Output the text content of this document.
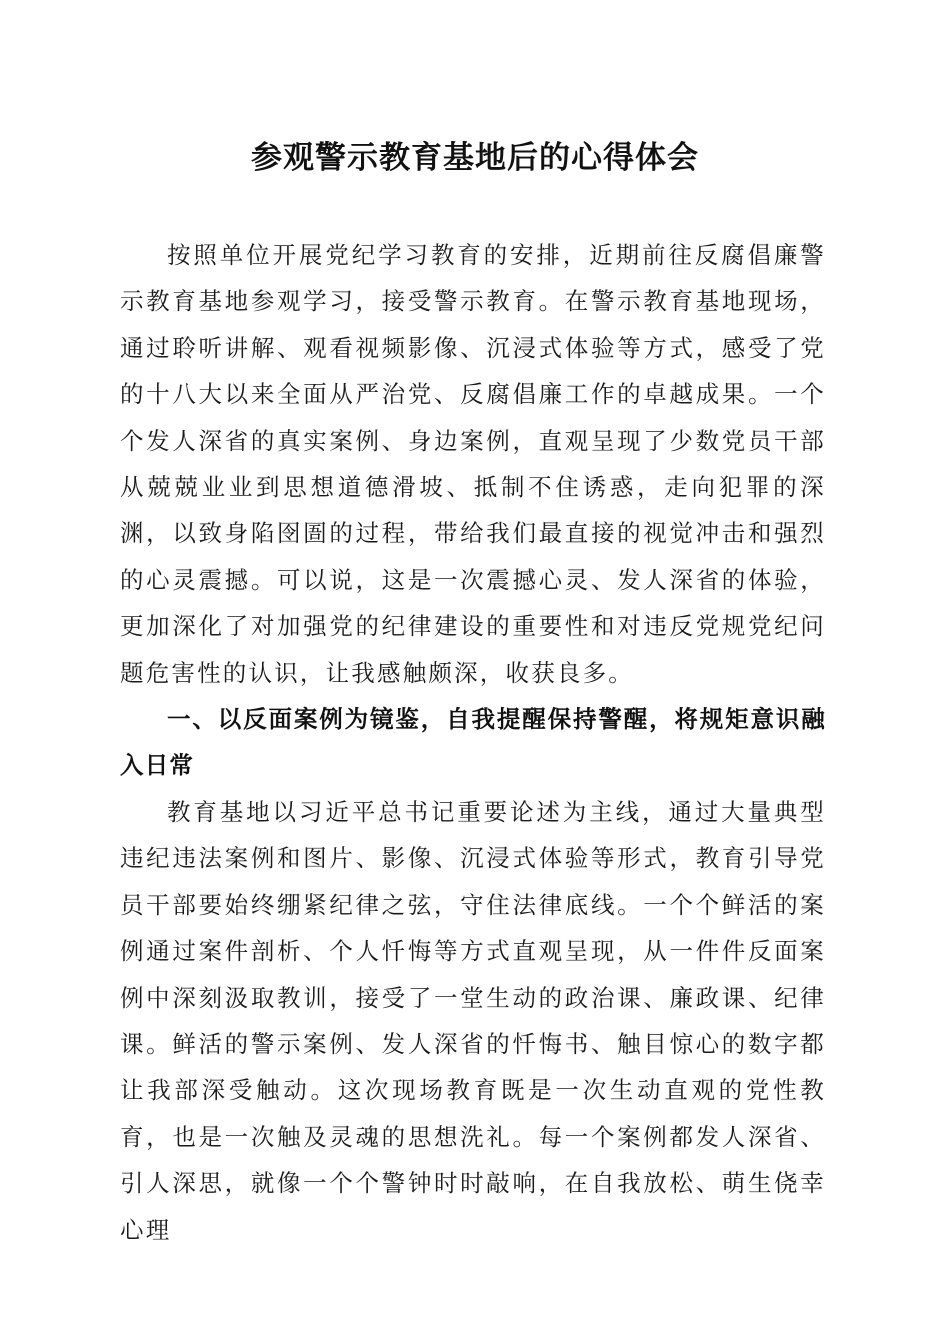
参观警示教育基地后的心得体会

按照单位开展党纪学习教育的安排，近期前往反腐倡廉警示教育基地参观学习，接受警示教育。在警示教育基地现场，通过聆听讲解、观看视频影像、沉浸式体验等方式，感受了党的十八大以来全面从严治党、反腐倡廉工作的卓越成果。一个个发人深省的真实案例、身边案例，直观呈现了少数党员干部从兢兢业业到思想道德滑坡、抵制不住诱惑，走向犯罪的深渊，以致身陷囹圄的过程，带给我们最直接的视觉冲击和强烈的心灵震撼。可以说，这是一次震撼心灵、发人深省的体验，更加深化了对加强党的纪律建设的重要性和对违反党规党纪问题危害性的认识，让我感触颇深，收获良多。

一、以反面案例为镜鉴，自我提醒保持警醒，将规矩意识融入日常

教育基地以习近平总书记重要论述为主线，通过大量典型违纪违法案例和图片、影像、沉浸式体验等形式，教育引导党员干部要始终绷紧纪律之弦，守住法律底线。一个个鲜活的案例通过案件剖析、个人忏悔等方式直观呈现，从一件件反面案例中深刻汲取教训，接受了一堂生动的政治课、廉政课、纪律课。鲜活的警示案例、发人深省的忏悔书、触目惊心的数字都让我部深受触动。这次现场教育既是一次生动直观的党性教育，也是一次触及灵魂的思想洗礼。每一个案例都发人深省、引人深思，就像一个个警钟时时敲响，在自我放松、萌生侥幸心理
